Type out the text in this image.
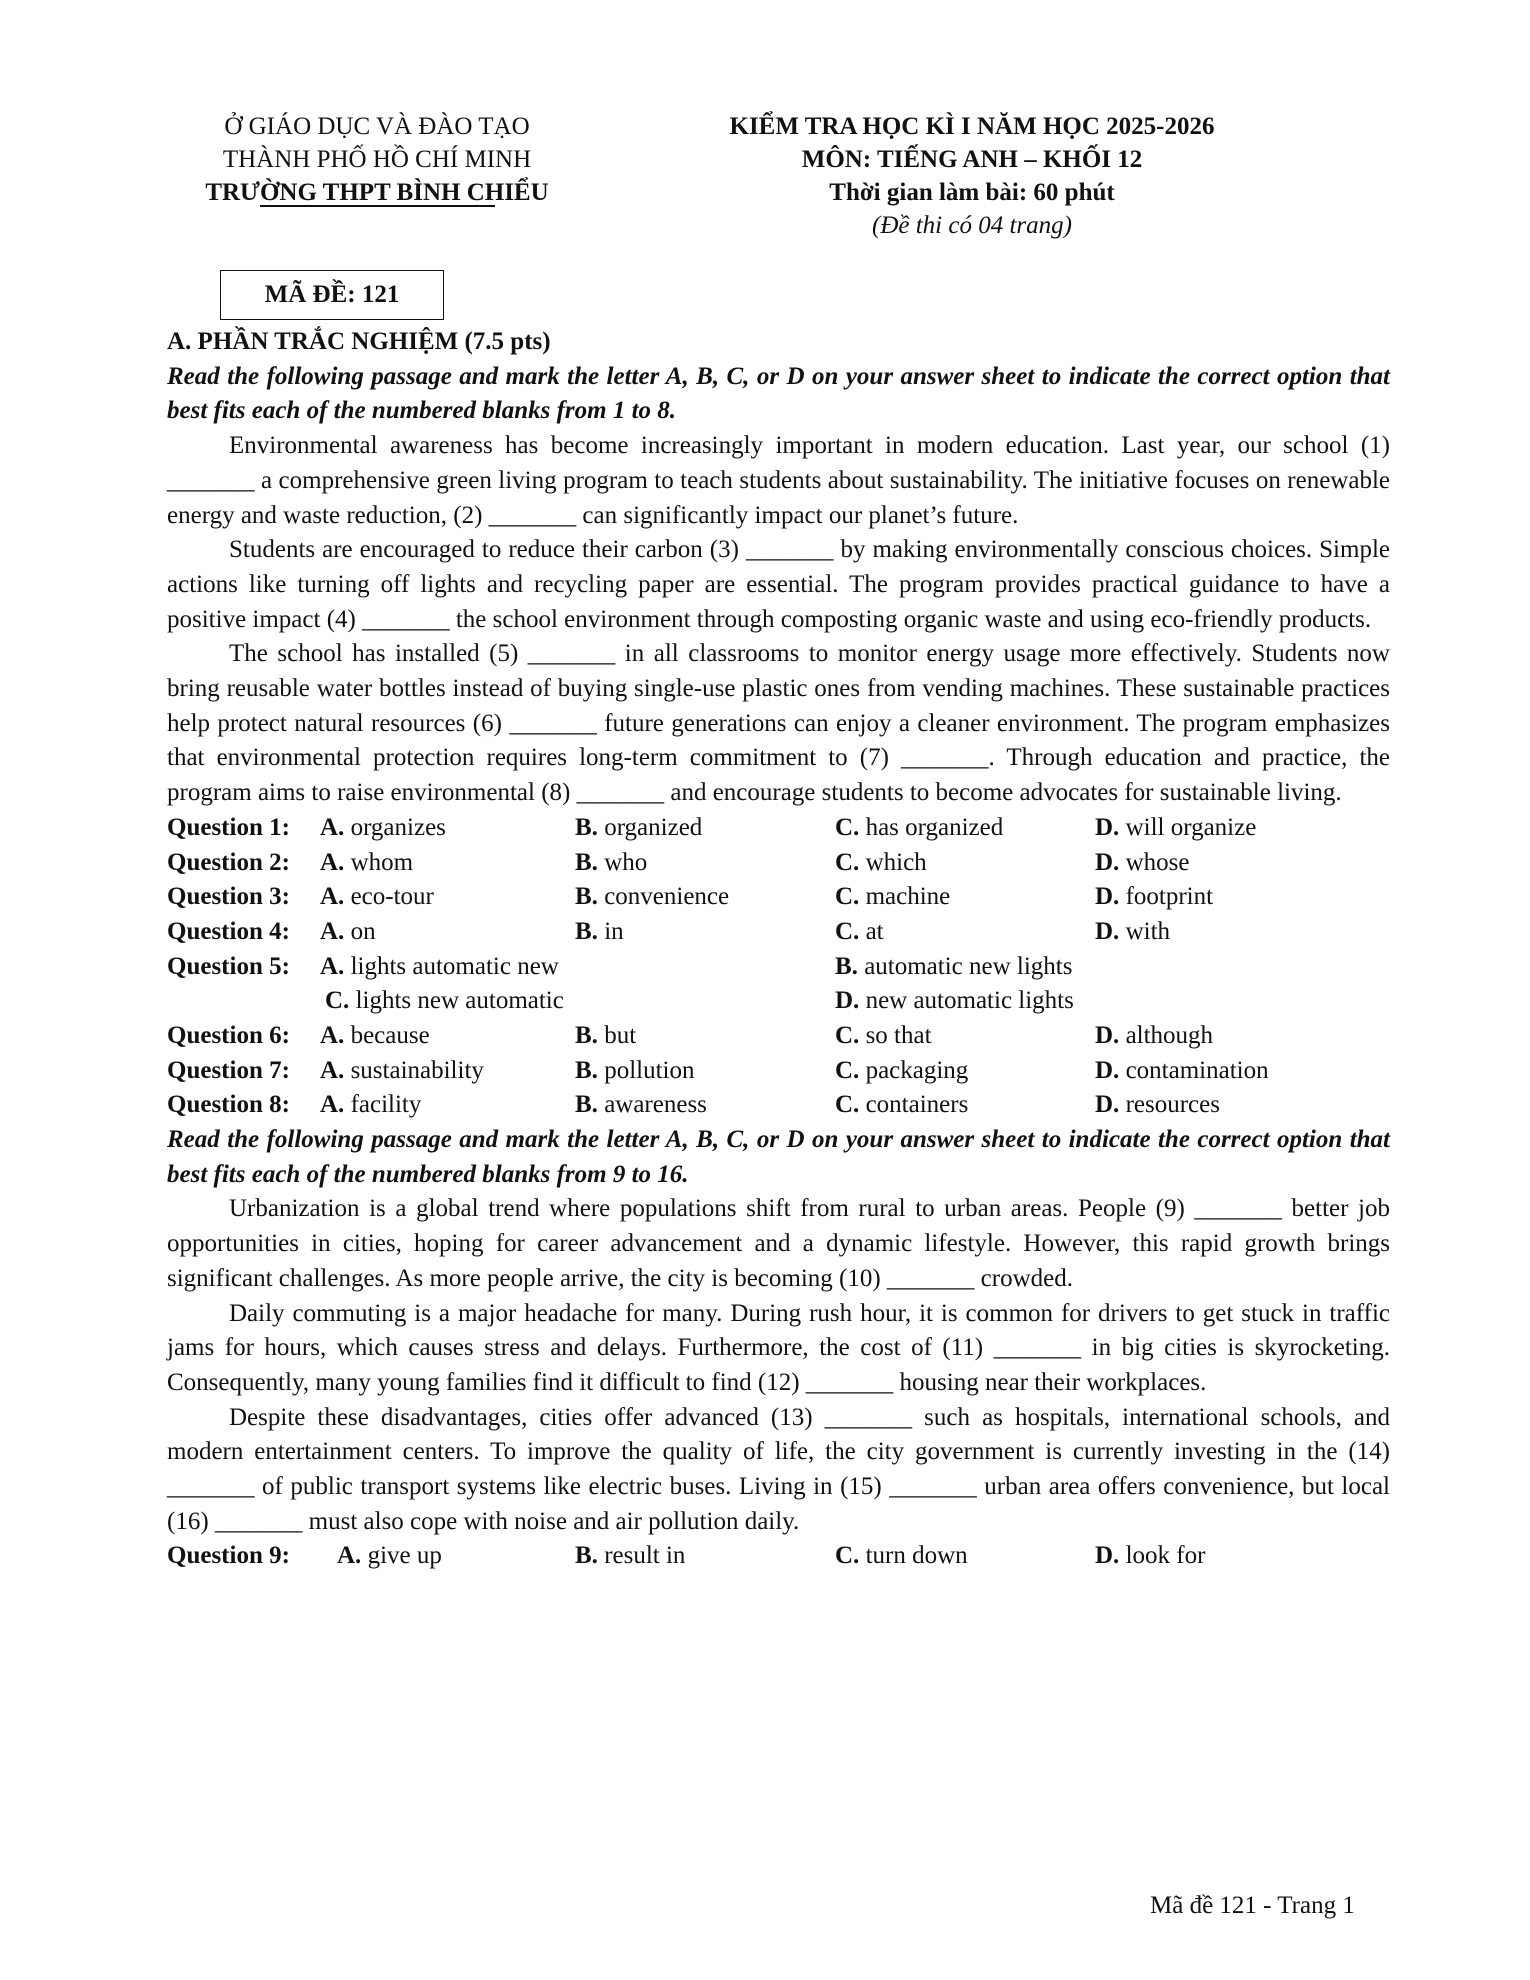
Ở GIÁO DỤC VÀ ĐÀO TẠO
THÀNH PHỐ HỒ CHÍ MINH
TRƯỜNG THPT BÌNH CHIỂU
KIỂM TRA HỌC KÌ I NĂM HỌC 2025-2026
MÔN: TIẾNG ANH – KHỐI 12
Thời gian làm bài: 60 phút
(Đề thi có 04 trang)
MÃ ĐỀ: 121
A. PHẦN TRẮC NGHIỆM (7.5 pts)
Read the following passage and mark the letter A, B, C, or D on your answer sheet to indicate the correct option that best fits each of the numbered blanks from 1 to 8.

Environmental awareness has become increasingly important in modern education. Last year, our school (1) _______ a comprehensive green living program to teach students about sustainability. The initiative focuses on renewable energy and waste reduction, (2) _______ can significantly impact our planet’s future.

Students are encouraged to reduce their carbon (3) _______ by making environmentally conscious choices. Simple actions like turning off lights and recycling paper are essential. The program provides practical guidance to have a positive impact (4) _______ the school environment through composting organic waste and using eco-friendly products.

The school has installed (5) _______ in all classrooms to monitor energy usage more effectively. Students now bring reusable water bottles instead of buying single-use plastic ones from vending machines. These sustainable practices help protect natural resources (6) _______ future generations can enjoy a cleaner environment. The program emphasizes that environmental protection requires long-term commitment to (7) _______. Through education and practice, the program aims to raise environmental (8) _______ and encourage students to become advocates for sustainable living.

Question 1: A. organizes	B. organized	C. has organized	D. will organize
Question 2: A. whom	B. who	C. which	D. whose
Question 3: A. eco-tour	B. convenience	C. machine	D. footprint
Question 4: A. on	B. in	C. at	D. with
Question 5: A. lights automatic new	B. automatic new lights
C. lights new automatic	D. new automatic lights
Question 6: A. because	B. but	C. so that	D. although
Question 7: A. sustainability	B. pollution	C. packaging	D. contamination
Question 8: A. facility	B. awareness	C. containers	D. resources
Read the following passage and mark the letter A, B, C, or D on your answer sheet to indicate the correct option that best fits each of the numbered blanks from 9 to 16.

Urbanization is a global trend where populations shift from rural to urban areas. People (9) _______ better job opportunities in cities, hoping for career advancement and a dynamic lifestyle. However, this rapid growth brings significant challenges. As more people arrive, the city is becoming (10) _______ crowded.

Daily commuting is a major headache for many. During rush hour, it is common for drivers to get stuck in traffic jams for hours, which causes stress and delays. Furthermore, the cost of (11) _______ in big cities is skyrocketing. Consequently, many young families find it difficult to find (12) _______ housing near their workplaces.

Despite these disadvantages, cities offer advanced (13) _______ such as hospitals, international schools, and modern entertainment centers. To improve the quality of life, the city government is currently investing in the (14) _______ of public transport systems like electric buses. Living in (15) _______ urban area offers convenience, but local (16) _______ must also cope with noise and air pollution daily.

Question 9: A. give up	B. result in	C. turn down	D. look for
Mã đề 121 - Trang 1
